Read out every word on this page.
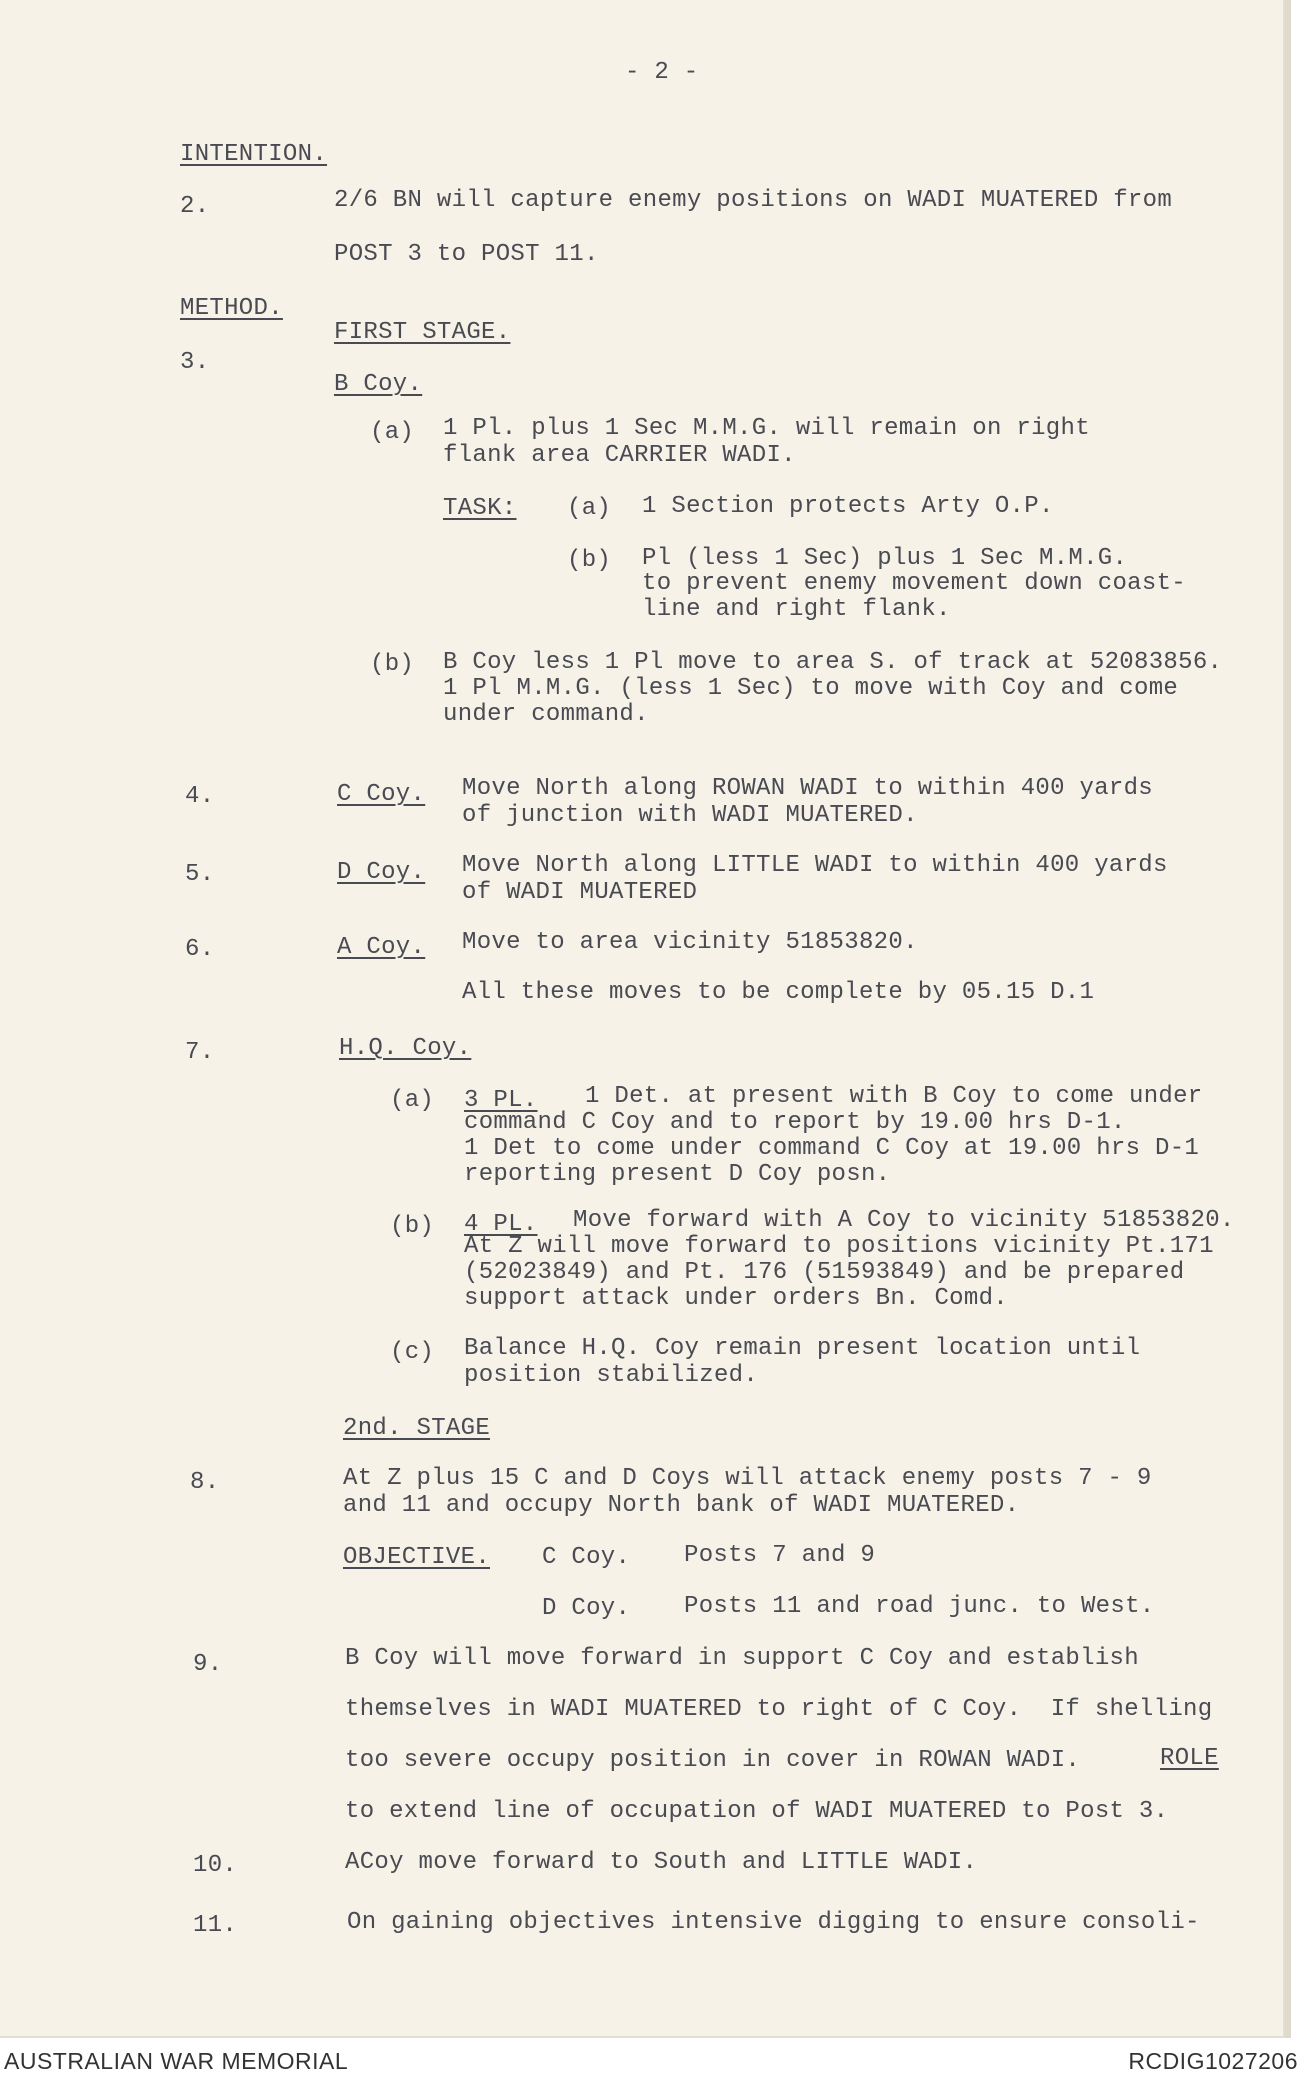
- 2 -
INTENTION.
2.	2/6 BN will capture enemy positions on WADI MUATERED from
POST 3 to POST 11.
METHOD.
FIRST STAGE.
3.
B Coy.
(a) 1 Pl. plus 1 Sec M.M.G. will remain on right
flank area CARRIER WADI.
TASK: (a) 1 Section protects Arty O.P.
(b) Pl (less 1 Sec) plus 1 Sec M.M.G.
to prevent enemy movement down coast-
line and right flank.
(b) B Coy less 1 Pl move to area S. of track at 52083856.
1 Pl M.M.G. (less 1 Sec) to move with Coy and come
under command.
4.	C Coy. Move North along ROWAN WADI to within 400 yards
of junction with WADI MUATERED.
5.	D Coy. Move North along LITTLE WADI to within 400 yards
of WADI MUATERED
6.	A Coy. Move to area vicinity 51853820.
All these moves to be complete by 05.15 D.1
7.	H.Q. Coy.
(a) 3 PL. 1 Det. at present with B Coy to come under
command C Coy and to report by 19.00 hrs D-1.
1 Det to come under command C Coy at 19.00 hrs D-1
reporting present D Coy posn.
(b) 4 PL. Move forward with A Coy to vicinity 51853820.
At Z will move forward to positions vicinity Pt.171
(52023849) and Pt. 176 (51593849) and be prepared
support attack under orders Bn. Comd.
(c) Balance H.Q. Coy remain present location until
position stabilized.
2nd. STAGE
8.	At Z plus 15 C and D Coys will attack enemy posts 7 - 9
and 11 and occupy North bank of WADI MUATERED.
OBJECTIVE. C Coy. Posts 7 and 9
D Coy. Posts 11 and road junc. to West.
9.	B Coy will move forward in support C Coy and establish
themselves in WADI MUATERED to right of C Coy.  If shelling
too severe occupy position in cover in ROWAN WADI.	ROLE
to extend line of occupation of WADI MUATERED to Post 3.
10.	ACoy move forward to South and LITTLE WADI.
11.	On gaining objectives intensive digging to ensure consoli-
AUSTRALIAN WAR MEMORIAL	RCDIG1027206
